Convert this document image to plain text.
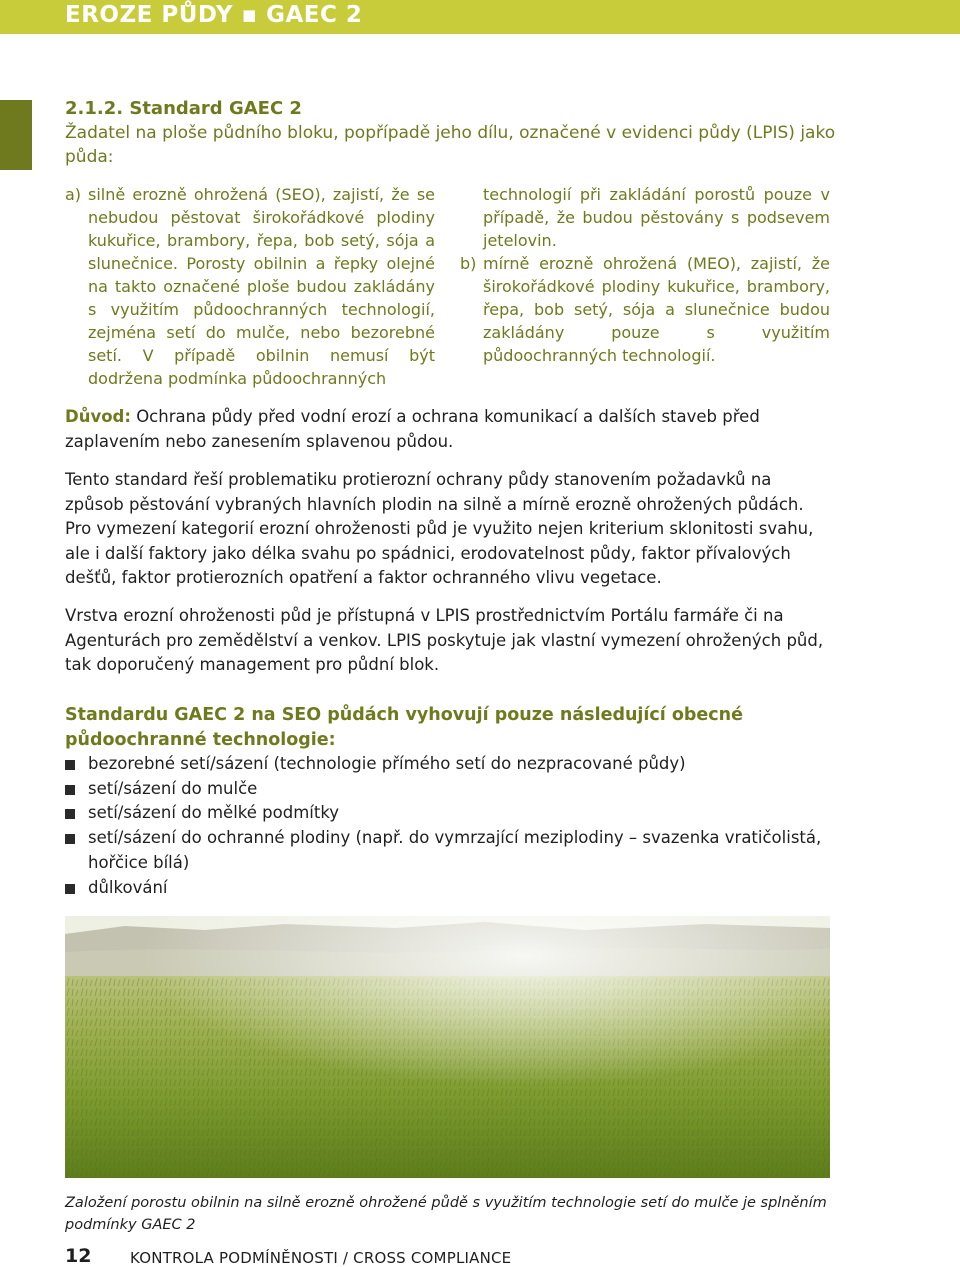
EROZE PŮDY ▪ GAEC 2
2.1.2. Standard GAEC 2
Žadatel na ploše půdního bloku, popřípadě jeho dílu, označené v evidenci půdy (LPIS) jako půda:
a) silně erozně ohrožená (SEO), zajistí, že se nebudou pěstovat širokořádkové plodiny kukuřice, brambory, řepa, bob setý, sója a slunečnice. Porosty obilnin a řepky olejné na takto označené ploše budou zakládány s využitím půdoochranných technologií, zejména setí do mulče, nebo bezorebné setí. V případě obilnin nemusí být dodržena podmínka půdoochranných
technologií při zakládání porostů pouze v případě, že budou pěstovány s podsevem jetelovin.
b) mírně erozně ohrožená (MEO), zajistí, že širokořádkové plodiny kukuřice, brambory, řepa, bob setý, sója a slunečnice budou zakládány pouze s využitím půdoochranných technologií.
Důvod: Ochrana půdy před vodní erozí a ochrana komunikací a dalších staveb před zaplavením nebo zanesením splavenou půdou.
Tento standard řeší problematiku protierozní ochrany půdy stanovením požadavků na způsob pěstování vybraných hlavních plodin na silně a mírně erozně ohrožených půdách. Pro vymezení kategorií erozní ohroženosti půd je využito nejen kriterium sklonitosti svahu, ale i další faktory jako délka svahu po spádnici, erodovatelnost půdy, faktor přívalových dešťů, faktor protierozních opatření a faktor ochranného vlivu vegetace.
Vrstva erozní ohroženosti půd je přístupná v LPIS prostřednictvím Portálu farmáře či na Agenturách pro zemědělství a venkov. LPIS poskytuje jak vlastní vymezení ohrožených půd, tak doporučený management pro půdní blok.
Standardu GAEC 2 na SEO půdách vyhovují pouze následující obecné půdoochranné technologie:
bezorebné setí/sázení (technologie přímého setí do nezpracované půdy)
setí/sázení do mulče
setí/sázení do mělké podmítky
setí/sázení do ochranné plodiny (např. do vymrzající meziplodiny – svazenka vratičolistá, hořčice bílá)
důlkování
Založení porostu obilnin na silně erozně ohrožené půdě s využitím technologie setí do mulče je splněním podmínky GAEC 2
12	KONTROLA PODMÍNĚNOSTI / CROSS COMPLIANCE
